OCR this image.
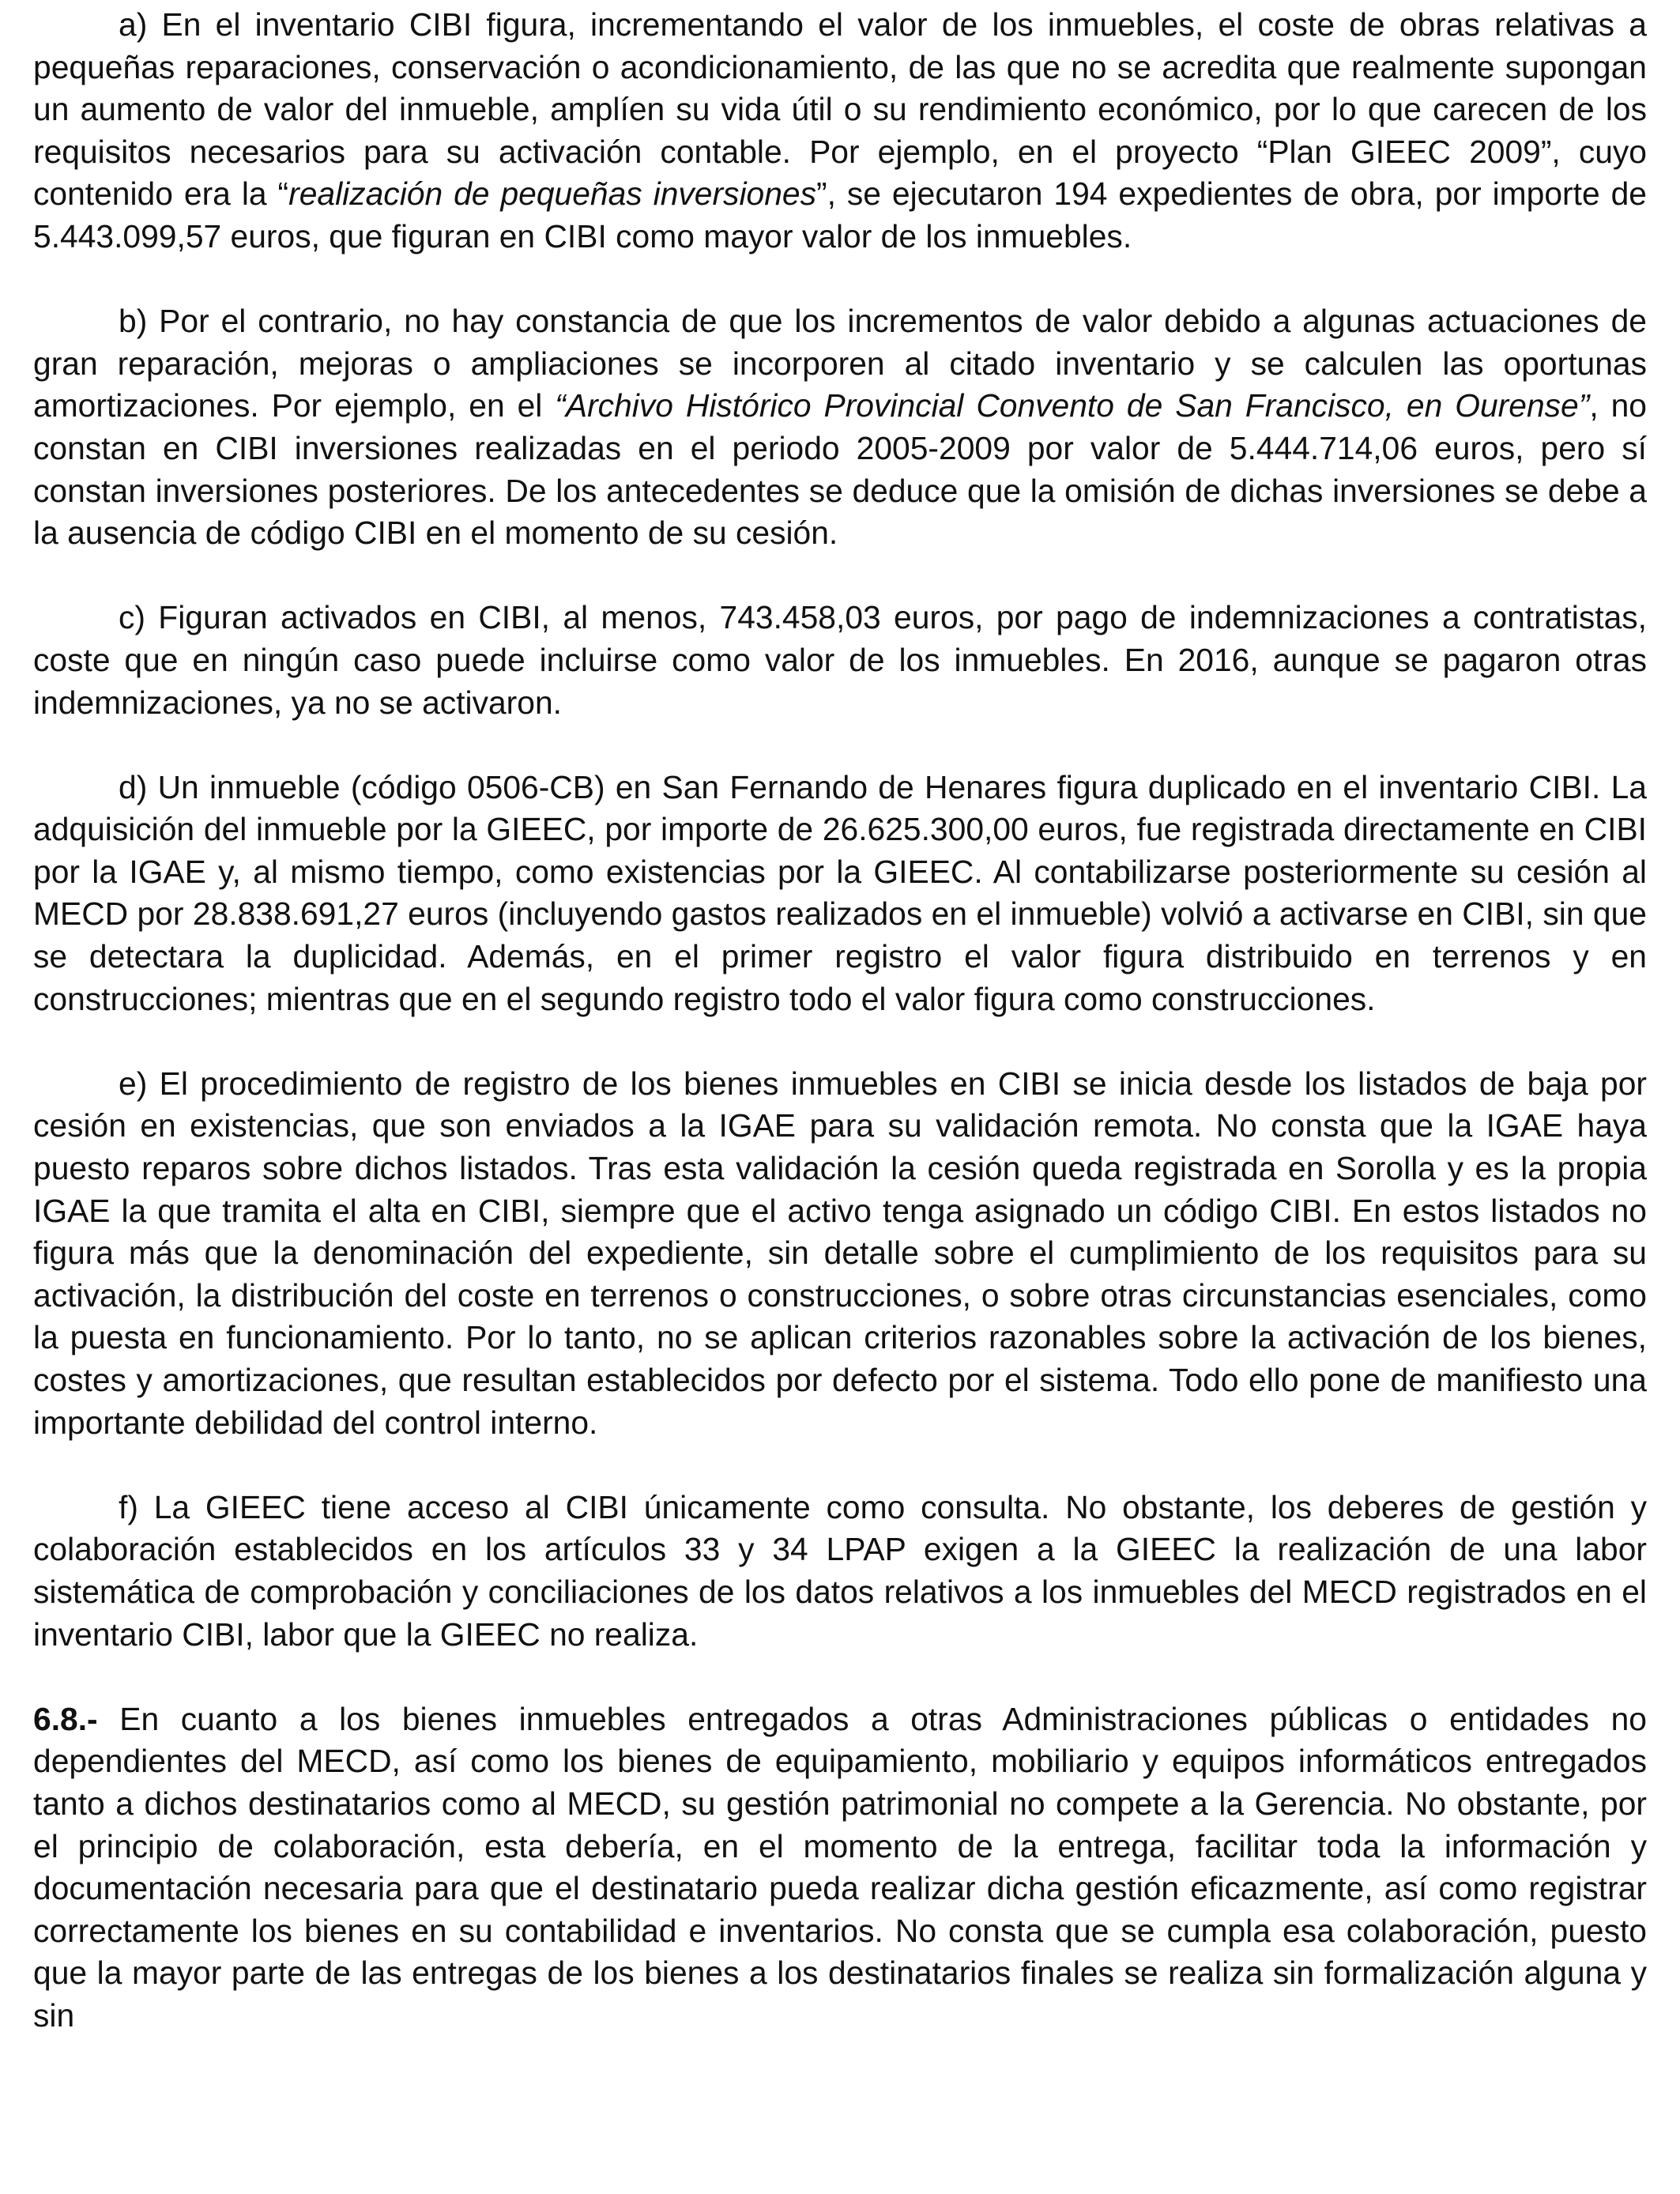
a) En el inventario CIBI figura, incrementando el valor de los inmuebles, el coste de obras relativas a pequeñas reparaciones, conservación o acondicionamiento, de las que no se acredita que realmente supongan un aumento de valor del inmueble, amplíen su vida útil o su rendimiento económico, por lo que carecen de los requisitos necesarios para su activación contable. Por ejemplo, en el proyecto “Plan GIEEC 2009”, cuyo contenido era la “realización de pequeñas inversiones”, se ejecutaron 194 expedientes de obra, por importe de 5.443.099,57 euros, que figuran en CIBI como mayor valor de los inmuebles.

b) Por el contrario, no hay constancia de que los incrementos de valor debido a algunas actuaciones de gran reparación, mejoras o ampliaciones se incorporen al citado inventario y se calculen las oportunas amortizaciones. Por ejemplo, en el “Archivo Histórico Provincial Convento de San Francisco, en Ourense”, no constan en CIBI inversiones realizadas en el periodo 2005-2009 por valor de 5.444.714,06 euros, pero sí constan inversiones posteriores. De los antecedentes se deduce que la omisión de dichas inversiones se debe a la ausencia de código CIBI en el momento de su cesión.

c) Figuran activados en CIBI, al menos, 743.458,03 euros, por pago de indemnizaciones a contratistas, coste que en ningún caso puede incluirse como valor de los inmuebles. En 2016, aunque se pagaron otras indemnizaciones, ya no se activaron.

d) Un inmueble (código 0506-CB) en San Fernando de Henares figura duplicado en el inventario CIBI. La adquisición del inmueble por la GIEEC, por importe de 26.625.300,00 euros, fue registrada directamente en CIBI por la IGAE y, al mismo tiempo, como existencias por la GIEEC. Al contabilizarse posteriormente su cesión al MECD por 28.838.691,27 euros (incluyendo gastos realizados en el inmueble) volvió a activarse en CIBI, sin que se detectara la duplicidad. Además, en el primer registro el valor figura distribuido en terrenos y en construcciones; mientras que en el segundo registro todo el valor figura como construcciones.

e) El procedimiento de registro de los bienes inmuebles en CIBI se inicia desde los listados de baja por cesión en existencias, que son enviados a la IGAE para su validación remota. No consta que la IGAE haya puesto reparos sobre dichos listados. Tras esta validación la cesión queda registrada en Sorolla y es la propia IGAE la que tramita el alta en CIBI, siempre que el activo tenga asignado un código CIBI. En estos listados no figura más que la denominación del expediente, sin detalle sobre el cumplimiento de los requisitos para su activación, la distribución del coste en terrenos o construcciones, o sobre otras circunstancias esenciales, como la puesta en funcionamiento. Por lo tanto, no se aplican criterios razonables sobre la activación de los bienes, costes y amortizaciones, que resultan establecidos por defecto por el sistema. Todo ello pone de manifiesto una importante debilidad del control interno.

f) La GIEEC tiene acceso al CIBI únicamente como consulta. No obstante, los deberes de gestión y colaboración establecidos en los artículos 33 y 34 LPAP exigen a la GIEEC la realización de una labor sistemática de comprobación y conciliaciones de los datos relativos a los inmuebles del MECD registrados en el inventario CIBI, labor que la GIEEC no realiza.

6.8.- En cuanto a los bienes inmuebles entregados a otras Administraciones públicas o entidades no dependientes del MECD, así como los bienes de equipamiento, mobiliario y equipos informáticos entregados tanto a dichos destinatarios como al MECD, su gestión patrimonial no compete a la Gerencia. No obstante, por el principio de colaboración, esta debería, en el momento de la entrega, facilitar toda la información y documentación necesaria para que el destinatario pueda realizar dicha gestión eficazmente, así como registrar correctamente los bienes en su contabilidad e inventarios. No consta que se cumpla esa colaboración, puesto que la mayor parte de las entregas de los bienes a los destinatarios finales se realiza sin formalización alguna y sin
